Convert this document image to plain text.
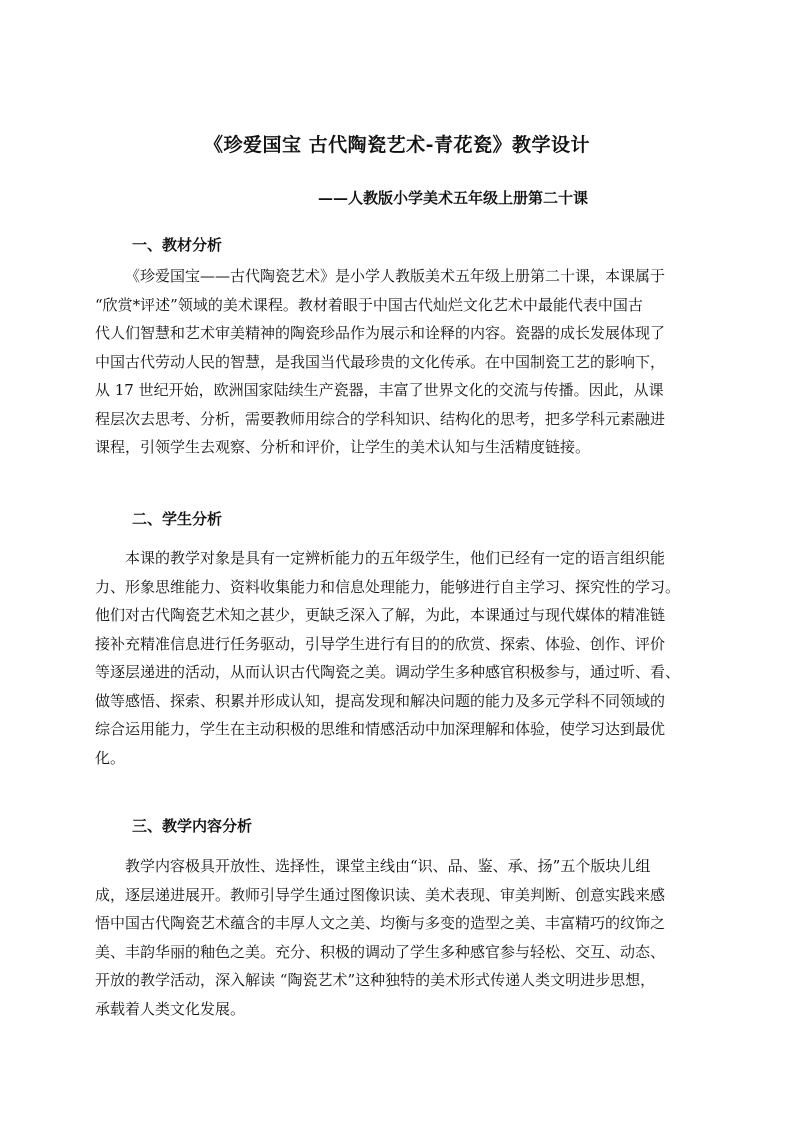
《珍爱国宝 古代陶瓷艺术-青花瓷》教学设计
——人教版小学美术五年级上册第二十课
一、教材分析
《珍爱国宝——古代陶瓷艺术》是小学人教版美术五年级上册第二十课，本课属于
“欣赏*评述”领域的美术课程。教材着眼于中国古代灿烂文化艺术中最能代表中国古
代人们智慧和艺术审美精神的陶瓷珍品作为展示和诠释的内容。瓷器的成长发展体现了
中国古代劳动人民的智慧，是我国当代最珍贵的文化传承。在中国制瓷工艺的影响下，
从 17 世纪开始，欧洲国家陆续生产瓷器，丰富了世界文化的交流与传播。因此，从课
程层次去思考、分析，需要教师用综合的学科知识、结构化的思考，把多学科元素融进
课程，引领学生去观察、分析和评价，让学生的美术认知与生活精度链接。
二、学生分析
本课的教学对象是具有一定辨析能力的五年级学生，他们已经有一定的语言组织能
力、形象思维能力、资料收集能力和信息处理能力，能够进行自主学习、探究性的学习。
他们对古代陶瓷艺术知之甚少，更缺乏深入了解，为此，本课通过与现代媒体的精准链
接补充精准信息进行任务驱动，引导学生进行有目的的欣赏、探索、体验、创作、评价
等逐层递进的活动，从而认识古代陶瓷之美。调动学生多种感官积极参与，通过听、看、
做等感悟、探索、积累并形成认知，提高发现和解决问题的能力及多元学科不同领域的
综合运用能力，学生在主动积极的思维和情感活动中加深理解和体验，使学习达到最优
化。
三、教学内容分析
教学内容极具开放性、选择性，课堂主线由“识、品、鉴、承、扬”五个版块儿组
成，逐层递进展开。教师引导学生通过图像识读、美术表现、审美判断、创意实践来感
悟中国古代陶瓷艺术蕴含的丰厚人文之美、均衡与多变的造型之美、丰富精巧的纹饰之
美、丰韵华丽的釉色之美。充分、积极的调动了学生多种感官参与轻松、交互、动态、
开放的教学活动，深入解读 “陶瓷艺术”这种独特的美术形式传递人类文明进步思想，
承载着人类文化发展。
